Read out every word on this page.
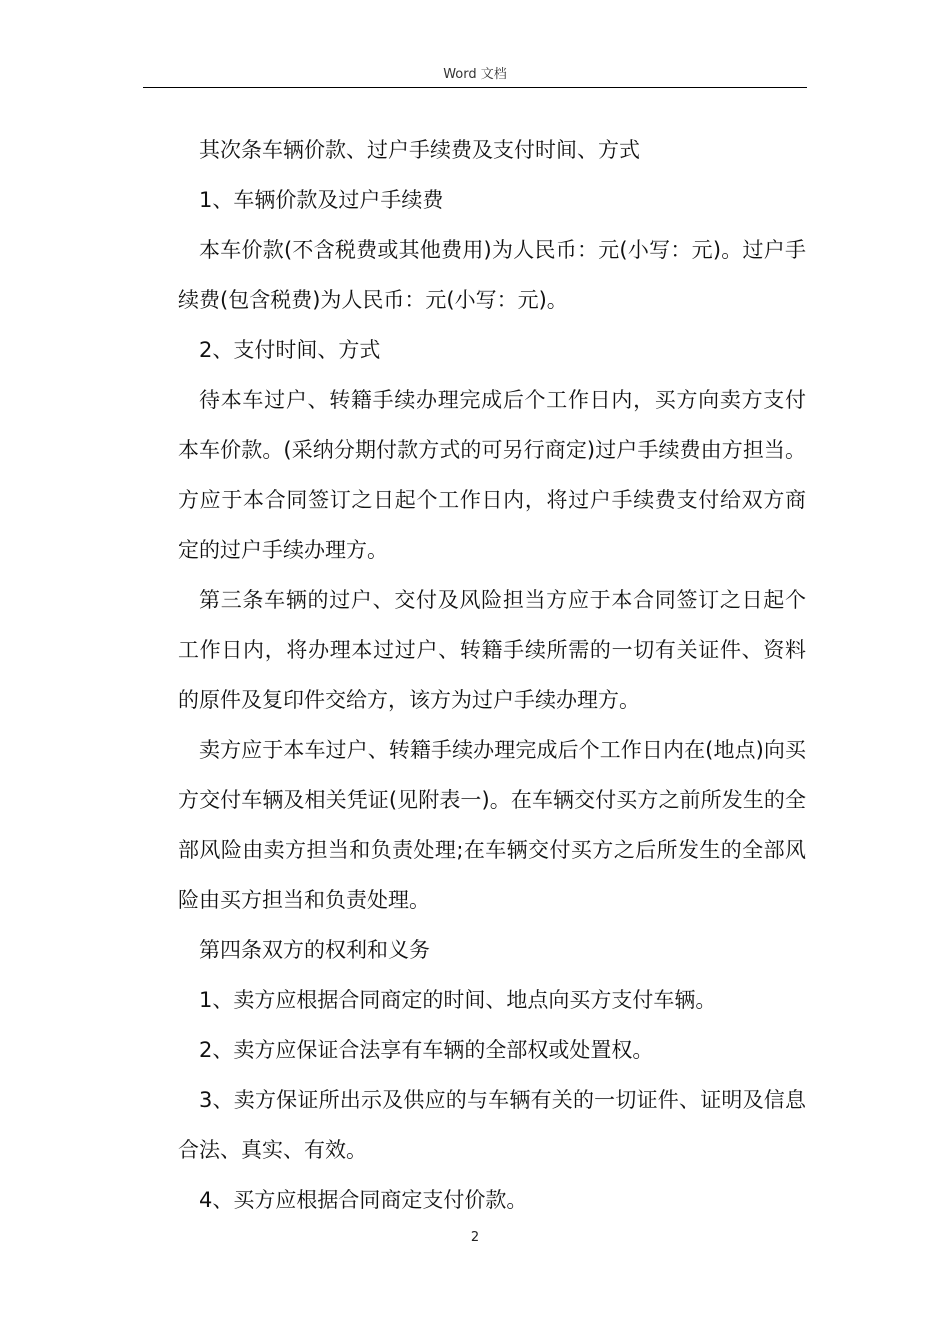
Word 文档

其次条车辆价款、过户手续费及支付时间、方式

1、车辆价款及过户手续费

本车价款(不含税费或其他费用)为人民币：元(小写：元)。过户手续费(包含税费)为人民币：元(小写：元)。

2、支付时间、方式

待本车过户、转籍手续办理完成后个工作日内，买方向卖方支付本车价款。(采纳分期付款方式的可另行商定)过户手续费由方担当。方应于本合同签订之日起个工作日内，将过户手续费支付给双方商定的过户手续办理方。

第三条车辆的过户、交付及风险担当方应于本合同签订之日起个工作日内，将办理本过过户、转籍手续所需的一切有关证件、资料的原件及复印件交给方，该方为过户手续办理方。

卖方应于本车过户、转籍手续办理完成后个工作日内在(地点)向买方交付车辆及相关凭证(见附表一)。在车辆交付买方之前所发生的全部风险由卖方担当和负责处理;在车辆交付买方之后所发生的全部风险由买方担当和负责处理。

第四条双方的权利和义务

1、卖方应根据合同商定的时间、地点向买方支付车辆。

2、卖方应保证合法享有车辆的全部权或处置权。

3、卖方保证所出示及供应的与车辆有关的一切证件、证明及信息合法、真实、有效。

4、买方应根据合同商定支付价款。

2
